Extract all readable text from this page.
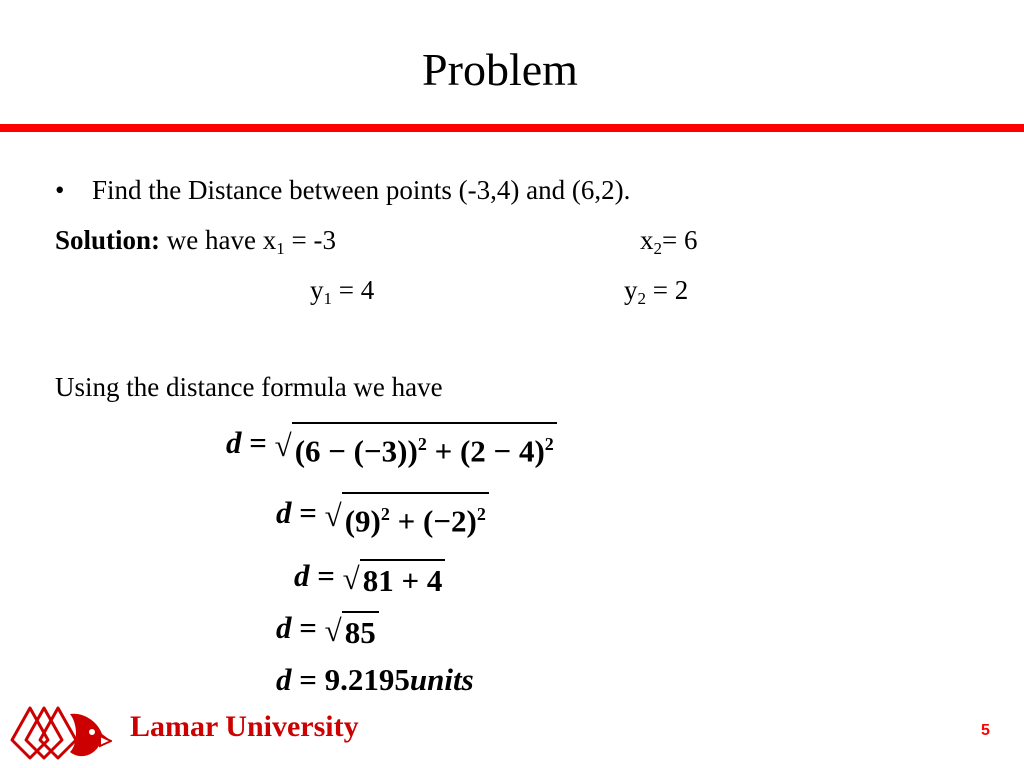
Problem
• Find the Distance between points (-3,4) and (6,2).
Solution: we have $x_1 = -3$	$x_2= 6$
$y_1 = 4$	$y_2 = 2$
Using the distance formula we have
$d = √(6 - (-3))^2 + (2 - 4)^2$
$d = √(9)^2 + (-2)^2$
d = √81 + 4
d = √85
d = 9.2195units
Lamar University	5
